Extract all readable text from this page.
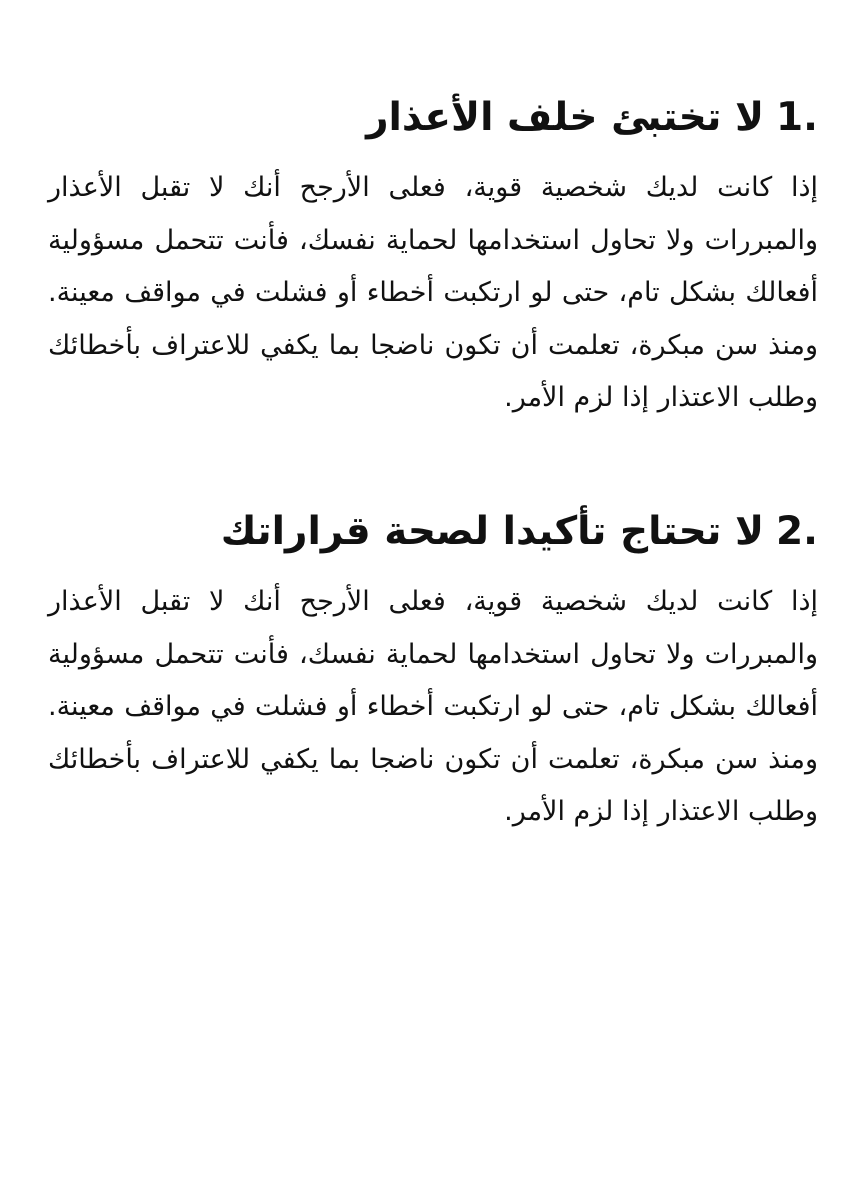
1.لا تختبئ خلف الأعذار

إذا كانت لديك شخصية قوية، فعلى الأرجح أنك لا تقبل الأعذار والمبررات ولا تحاول استخدامها لحماية نفسك، فأنت تتحمل مسؤولية أفعالك بشكل تام، حتى لو ارتكبت أخطاء أو فشلت في مواقف معينة. ومنذ سن مبكرة، تعلمت أن تكون ناضجا بما يكفي للاعتراف بأخطائك وطلب الاعتذار إذا لزم الأمر.

2.لا تحتاج تأكيدا لصحة قراراتك

إذا كانت لديك شخصية قوية، فعلى الأرجح أنك لا تقبل الأعذار والمبررات ولا تحاول استخدامها لحماية نفسك، فأنت تتحمل مسؤولية أفعالك بشكل تام، حتى لو ارتكبت أخطاء أو فشلت في مواقف معينة. ومنذ سن مبكرة، تعلمت أن تكون ناضجا بما يكفي للاعتراف بأخطائك وطلب الاعتذار إذا لزم الأمر.
